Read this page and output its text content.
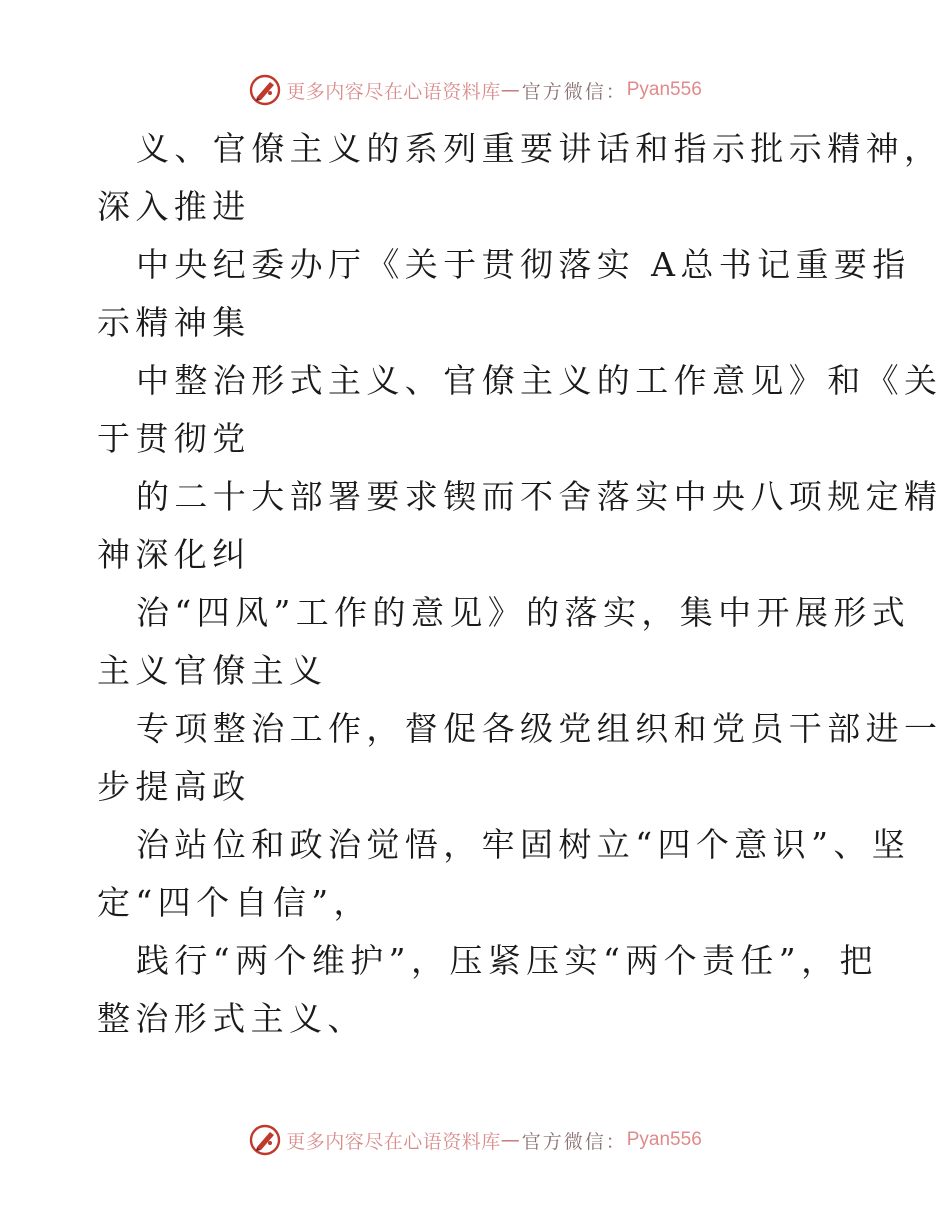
更多内容尽在心语资料库 — 官方微信： Pyan556
义、官僚主义的系列重要讲话和指示批示精神，
深入推进
中央纪委办厅《关于贯彻落实 A总书记重要指
示精神集
中整治形式主义、官僚主义的工作意见》和《关
于贯彻党
的二十大部署要求锲而不舍落实中央八项规定精
神深化纠
治“四风”工作的意见》的落实，集中开展形式
主义官僚主义
专项整治工作，督促各级党组织和党员干部进一
步提高政
治站位和政治觉悟，牢固树立“四个意识”、坚
定“四个自信”，
践行“两个维护”，压紧压实“两个责任”，把
整治形式主义、
更多内容尽在心语资料库 — 官方微信： Pyan556
